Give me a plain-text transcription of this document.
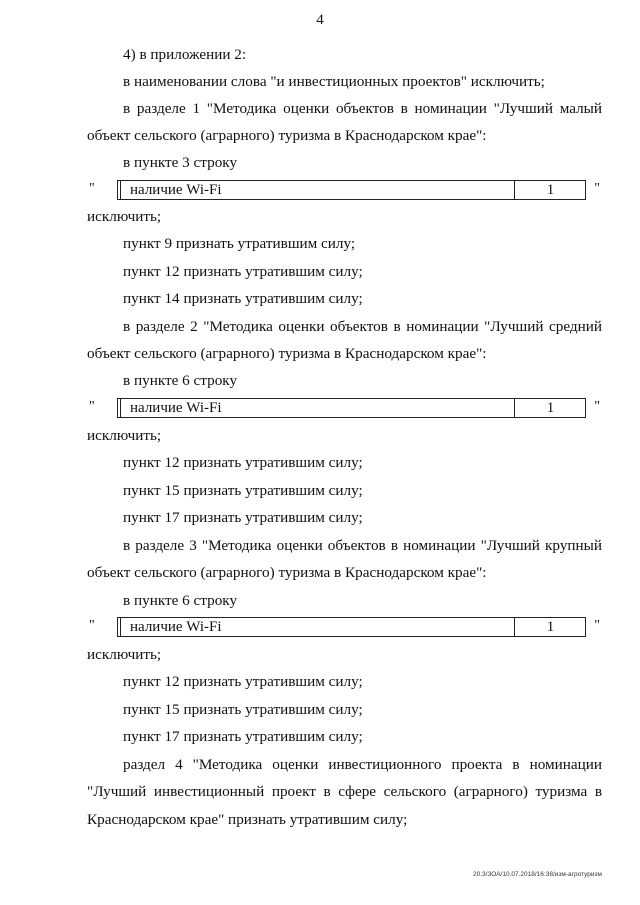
4
4) в приложении 2:
в наименовании слова "и инвестиционных проектов" исключить;
в разделе 1 "Методика оценки объектов в номинации "Лучший малый
объект сельского (аграрного) туризма в Краснодарском крае":
в пункте 3 строку
"	наличие Wi-Fi	1	"
исключить;
пункт 9 признать утратившим силу;
пункт 12 признать утратившим силу;
пункт 14 признать утратившим силу;
в разделе 2 "Методика оценки объектов в номинации "Лучший средний
объект сельского (аграрного) туризма в Краснодарском крае":
в пункте 6 строку
"	наличие Wi-Fi	1	"
исключить;
пункт 12 признать утратившим силу;
пункт 15 признать утратившим силу;
пункт 17 признать утратившим силу;
в разделе 3 "Методика оценки объектов в номинации "Лучший крупный
объект сельского (аграрного) туризма в Краснодарском крае":
в пункте 6 строку
"	наличие Wi-Fi	1	"
исключить;
пункт 12 признать утратившим силу;
пункт 15 признать утратившим силу;
пункт 17 признать утратившим силу;
раздел 4 "Методика оценки инвестиционного проекта в номинации
"Лучший инвестиционный проект в сфере сельского (аграрного) туризма в
Краснодарском крае" признать утратившим силу;
20.3/ЗОА/10.07.2018/16:38/изм-агротуризм
